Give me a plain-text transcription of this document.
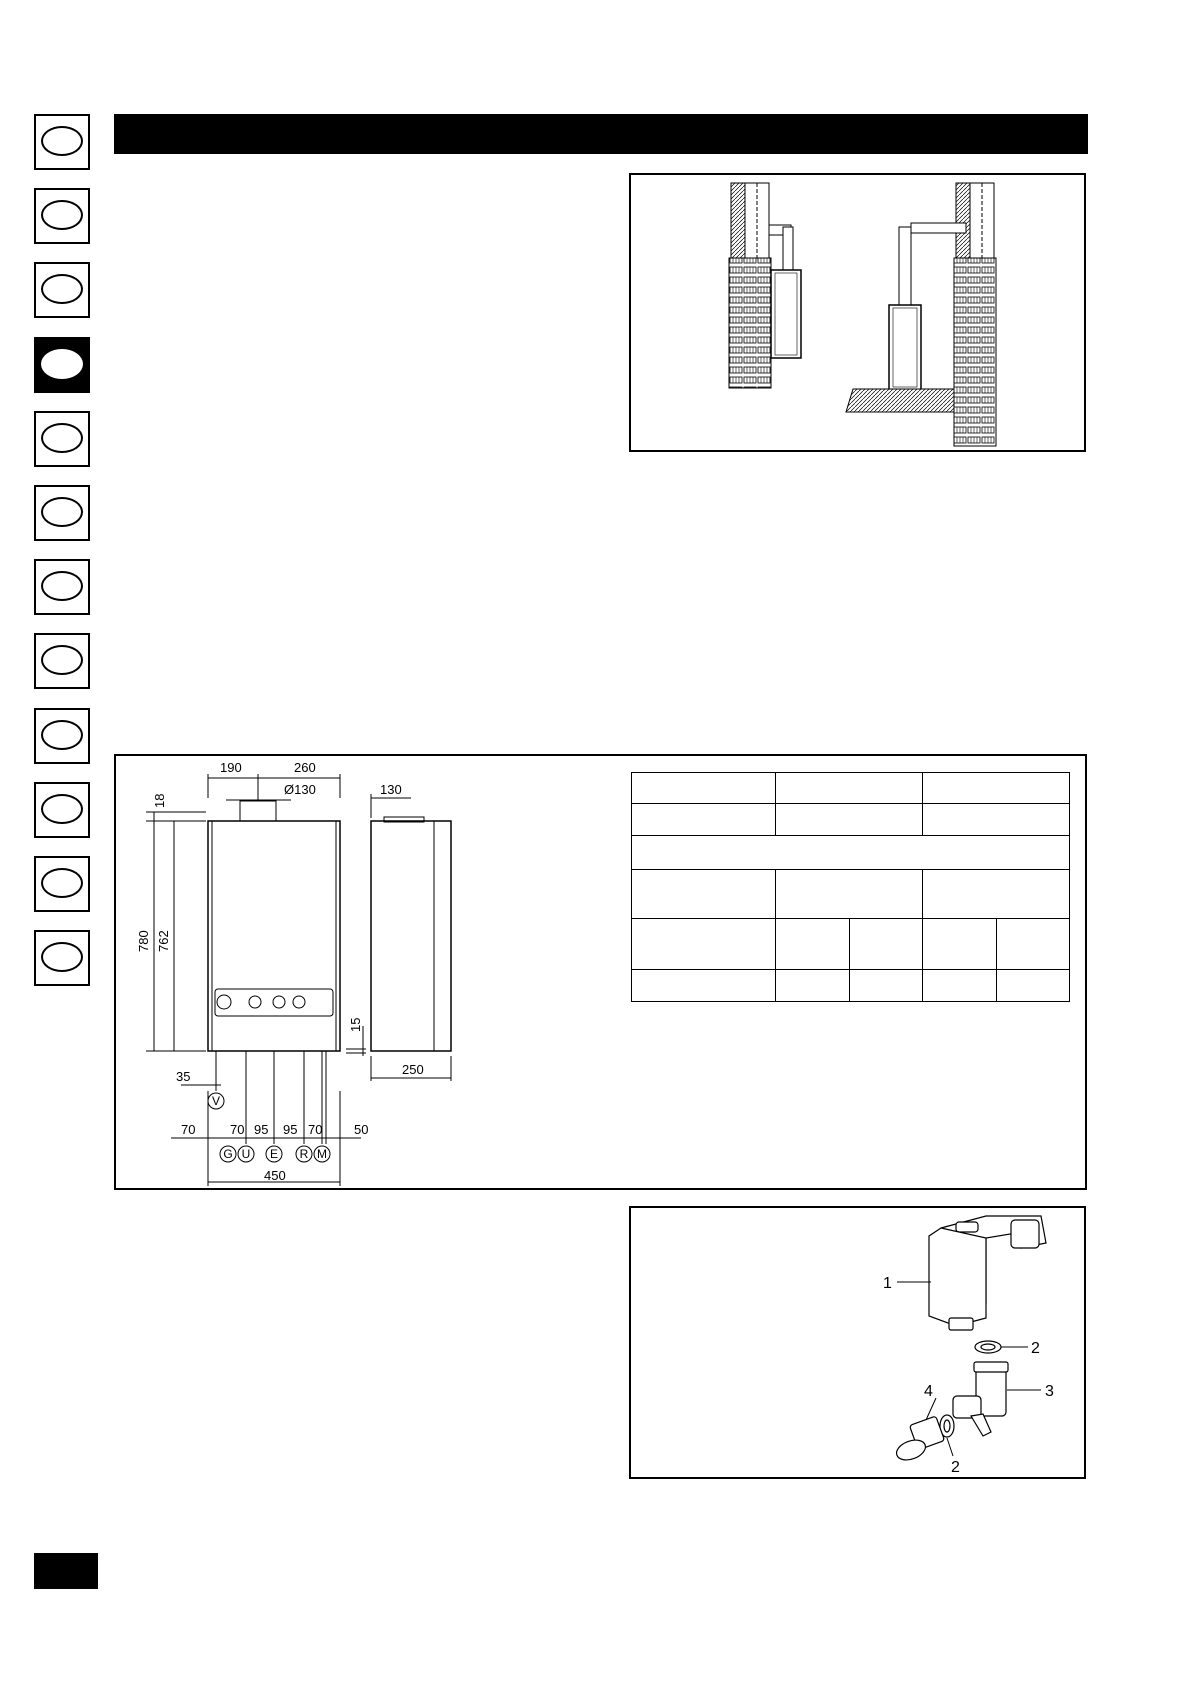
190	260
Ø130	130
18
780 762
15
250
35
70	70 95 95 70 50
450
V
G U E R M

1
2
3
4
2
